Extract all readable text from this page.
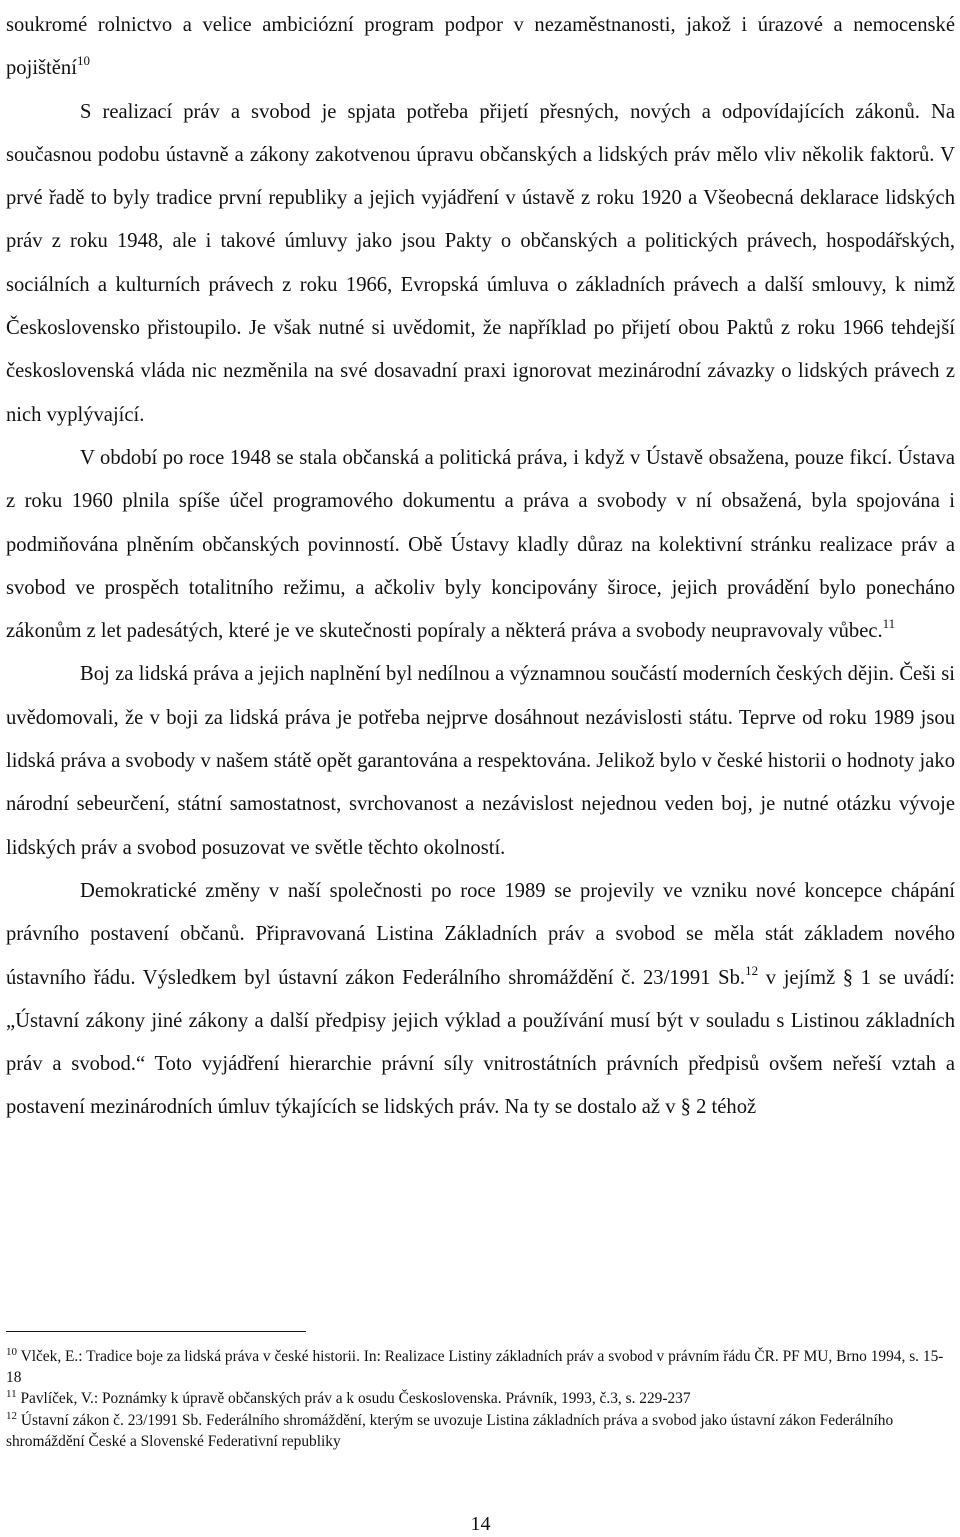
soukromé rolnictvo a velice ambiciózní program podpor v nezaměstnanosti, jakož i úrazové a nemocenské pojištění$^{10}$

S realizací práv a svobod je spjata potřeba přijetí přesných, nových a odpovídajících zákonů. Na současnou podobu ústavně a zákony zakotvenou úpravu občanských a lidských práv mělo vliv několik faktorů. V prvé řadě to byly tradice první republiky a jejich vyjádření v ústavě z roku 1920 a Všeobecná deklarace lidských práv z roku 1948, ale i takové úmluvy jako jsou Pakty o občanských a politických právech, hospodářských, sociálních a kulturních právech z roku 1966, Evropská úmluva o základních právech a další smlouvy, k nimž Československo přistoupilo. Je však nutné si uvědomit, že například po přijetí obou Paktů z roku 1966 tehdejší československá vláda nic nezměnila na své dosavadní praxi ignorovat mezinárodní závazky o lidských právech z nich vyplývající.

V období po roce 1948 se stala občanská a politická práva, i když v Ústavě obsažena, pouze fikcí. Ústava z roku 1960 plnila spíše účel programového dokumentu a práva a svobody v ní obsažená, byla spojována i podmiňována plněním občanských povinností. Obě Ústavy kladly důraz na kolektivní stránku realizace práv a svobod ve prospěch totalitního režimu, a ačkoliv byly koncipovány široce, jejich provádění bylo ponecháno zákonům z let padesátých, které je ve skutečnosti popíraly a některá práva a svobody neupravovaly vůbec.$^{11}$

Boj za lidská práva a jejich naplnění byl nedílnou a významnou součástí moderních českých dějin. Češi si uvědomovali, že v boji za lidská práva je potřeba nejprve dosáhnout nezávislosti státu. Teprve od roku 1989 jsou lidská práva a svobody v našem státě opět garantována a respektována. Jelikož bylo v české historii o hodnoty jako národní sebeurčení, státní samostatnost, svrchovanost a nezávislost nejednou veden boj, je nutné otázku vývoje lidských práv a svobod posuzovat ve světle těchto okolností.

Demokratické změny v naší společnosti po roce 1989 se projevily ve vzniku nové koncepce chápání právního postavení občanů. Připravovaná Listina Základních práv a svobod se měla stát základem nového ústavního řádu. Výsledkem byl ústavní zákon Federálního shromáždění č. 23/1991 Sb.$^{12}$ v jejímž § 1 se uvádí: „Ústavní zákony jiné zákony a další předpisy jejich výklad a používání musí být v souladu s Listinou základních práv a svobod.“ Toto vyjádření hierarchie právní síly vnitrostátních právních předpisů ovšem neřeší vztah a postavení mezinárodních úmluv týkajících se lidských práv. Na ty se dostalo až v § 2 téhož

$^{10}$ Vlček, E.: Tradice boje za lidská práva v české historii. In: Realizace Listiny základních práv a svobod v právním řádu ČR. PF MU, Brno 1994, s. 15-18

$^{11}$ Pavlíček, V.: Poznámky k úpravě občanských práv a k osudu Československa. Právník, 1993, č.3, s. 229-237

$^{12}$ Ústavní zákon č. 23/1991 Sb. Federálního shromáždění, kterým se uvozuje Listina základních práva a svobod jako ústavní zákon Federálního shromáždění České a Slovenské Federativní republiky

14
